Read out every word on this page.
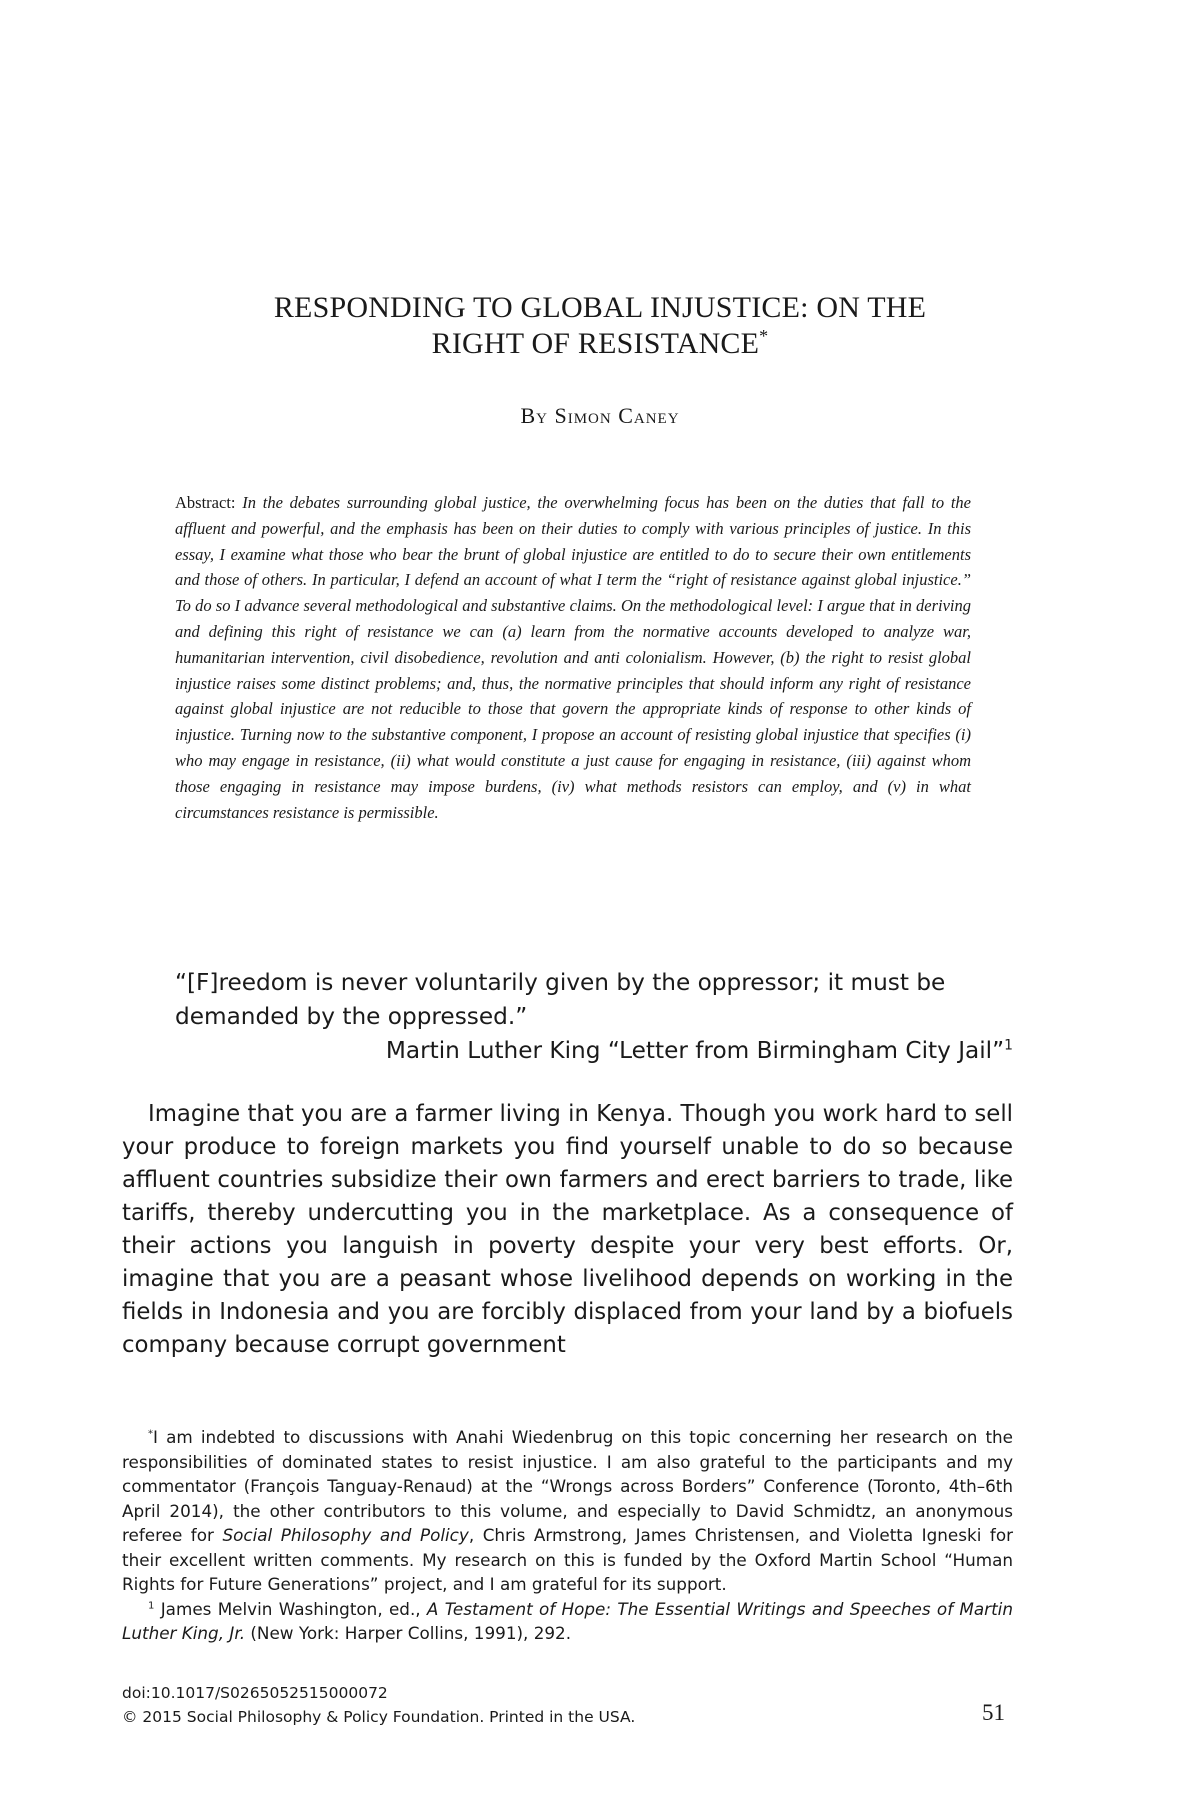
RESPONDING TO GLOBAL INJUSTICE: ON THE
RIGHT OF RESISTANCE*
By Simon Caney
Abstract: In the debates surrounding global justice, the overwhelming focus has been on the duties that fall to the affluent and powerful, and the emphasis has been on their duties to comply with various principles of justice. In this essay, I examine what those who bear the brunt of global injustice are entitled to do to secure their own entitlements and those of others. In particular, I defend an account of what I term the “right of resistance against global injustice.” To do so I advance several methodological and substantive claims. On the methodological level: I argue that in deriving and defining this right of resistance we can (a) learn from the normative accounts developed to analyze war, humanitarian intervention, civil disobedience, revolution and anti colonialism. However, (b) the right to resist global injustice raises some distinct problems; and, thus, the normative principles that should inform any right of resistance against global injustice are not reducible to those that govern the appropriate kinds of response to other kinds of injustice. Turning now to the substantive component, I propose an account of resisting global injustice that specifies (i) who may engage in resistance, (ii) what would constitute a just cause for engaging in resistance, (iii) against whom those engaging in resistance may impose burdens, (iv) what methods resistors can employ, and (v) in what circumstances resistance is permissible.
“[F]reedom is never voluntarily given by the oppressor; it must be demanded by the oppressed.”
Martin Luther King “Letter from Birmingham City Jail”$^1$
Imagine that you are a farmer living in Kenya. Though you work hard to sell your produce to foreign markets you find yourself unable to do so because affluent countries subsidize their own farmers and erect barriers to trade, like tariffs, thereby undercutting you in the marketplace. As a consequence of their actions you languish in poverty despite your very best efforts. Or, imagine that you are a peasant whose livelihood depends on working in the fields in Indonesia and you are forcibly displaced from your land by a biofuels company because corrupt government

*I am indebted to discussions with Anahi Wiedenbrug on this topic concerning her research on the responsibilities of dominated states to resist injustice. I am also grateful to the participants and my commentator (François Tanguay-Renaud) at the “Wrongs across Borders” Conference (Toronto, 4th–6th April 2014), the other contributors to this volume, and especially to David Schmidtz, an anonymous referee for Social Philosophy and Policy, Chris Armstrong, James Christensen, and Violetta Igneski for their excellent written comments. My research on this is funded by the Oxford Martin School “Human Rights for Future Generations” project, and I am grateful for its support.

$^1$ James Melvin Washington, ed., A Testament of Hope: The Essential Writings and Speeches of Martin Luther King, Jr. (New York: Harper Collins, 1991), 292.

doi:10.1017/S0265052515000072
© 2015 Social Philosophy & Policy Foundation. Printed in the USA.	51
